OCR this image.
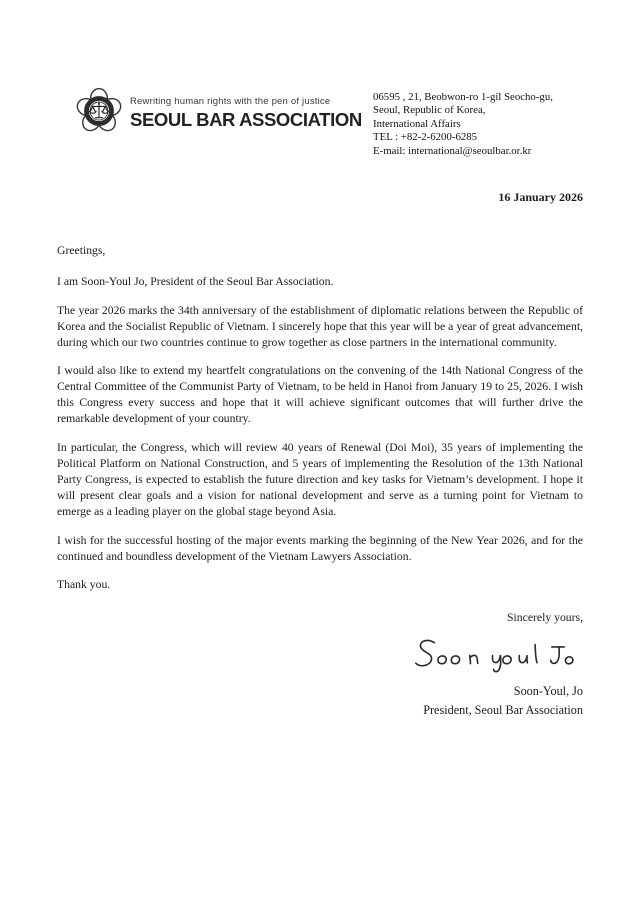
Rewriting human rights with the pen of justice
SEOUL BAR ASSOCIATION
06595 , 21, Beobwon-ro 1-gil Seocho-gu,
Seoul, Republic of Korea,
International Affairs
TEL : +82-2-6200-6285
E-mail: international@seoulbar.or.kr

16 January 2026

Greetings,

I am Soon-Youl Jo, President of the Seoul Bar Association.

The year 2026 marks the 34th anniversary of the establishment of diplomatic relations between the Republic of Korea and the Socialist Republic of Vietnam. I sincerely hope that this year will be a year of great advancement, during which our two countries continue to grow together as close partners in the international community.

I would also like to extend my heartfelt congratulations on the convening of the 14th National Congress of the Central Committee of the Communist Party of Vietnam, to be held in Hanoi from January 19 to 25, 2026. I wish this Congress every success and hope that it will achieve significant outcomes that will further drive the remarkable development of your country.

In particular, the Congress, which will review 40 years of Renewal (Doi Moi), 35 years of implementing the Political Platform on National Construction, and 5 years of implementing the Resolution of the 13th National Party Congress, is expected to establish the future direction and key tasks for Vietnam’s development. I hope it will present clear goals and a vision for national development and serve as a turning point for Vietnam to emerge as a leading player on the global stage beyond Asia.

I wish for the successful hosting of the major events marking the beginning of the New Year 2026, and for the continued and boundless development of the Vietnam Lawyers Association.

Thank you.

Sincerely yours,

Soon-Youl, Jo
President, Seoul Bar Association
